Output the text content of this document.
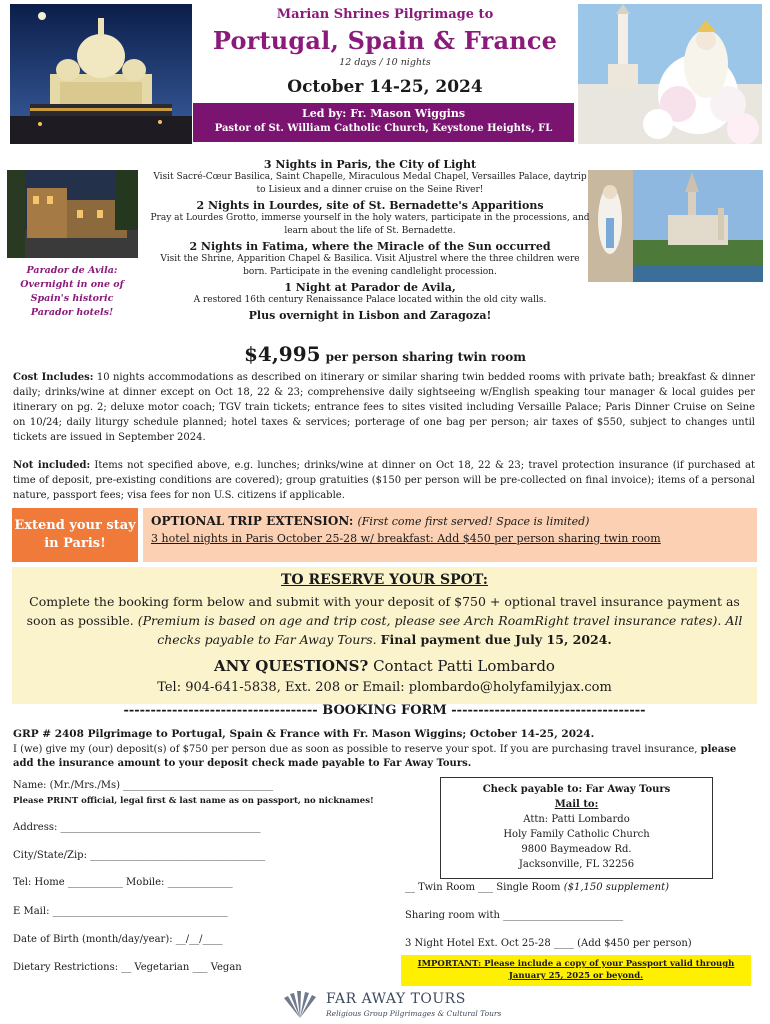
Marian Shrines Pilgrimage to
Portugal, Spain & France
12 days / 10 nights
October 14-25, 2024
Led by: Fr. Mason Wiggins
Pastor of St. William Catholic Church, Keystone Heights, FL
3 Nights in Paris, the City of Light
Visit Sacré-Cœur Basilica, Saint Chapelle, Miraculous Medal Chapel, Versailles Palace, daytrip to Lisieux and a dinner cruise on the Seine River!
2 Nights in Lourdes, site of St. Bernadette's Apparitions
Pray at Lourdes Grotto, immerse yourself in the holy waters, participate in the processions, and learn about the life of St. Bernadette.
2 Nights in Fatima, where the Miracle of the Sun occurred
Visit the Shrine, Apparition Chapel & Basilica. Visit Aljustrel where the three children were born. Participate in the evening candlelight procession.
1 Night at Parador de Avila,
A restored 16th century Renaissance Palace located within the old city walls.
Plus overnight in Lisbon and Zaragoza!
Parador de Avila: Overnight in one of Spain's historic Parador hotels!
$4,995 per person sharing twin room
Cost Includes: 10 nights accommodations as described on itinerary or similar sharing twin bedded rooms with private bath; breakfast & dinner daily; drinks/wine at dinner except on Oct 18, 22 & 23; comprehensive daily sightseeing w/English speaking tour manager & local guides per itinerary on pg. 2; deluxe motor coach; TGV train tickets; entrance fees to sites visited including Versaille Palace; Paris Dinner Cruise on Seine on 10/24; daily liturgy schedule planned; hotel taxes & services; porterage of one bag per person; air taxes of $550, subject to changes until tickets are issued in September 2024.
Not included: Items not specified above, e.g. lunches; drinks/wine at dinner on Oct 18, 22 & 23; travel protection insurance (if purchased at time of deposit, pre-existing conditions are covered); group gratuities ($150 per person will be pre-collected on final invoice); items of a personal nature, passport fees; visa fees for non U.S. citizens if applicable.
Extend your stay in Paris!
OPTIONAL TRIP EXTENSION: (First come first served! Space is limited)
3 hotel nights in Paris October 25-28 w/ breakfast: Add $450 per person sharing twin room
TO RESERVE YOUR SPOT:
Complete the booking form below and submit with your deposit of $750 + optional travel insurance payment as soon as possible. (Premium is based on age and trip cost, please see Arch RoamRight travel insurance rates). All checks payable to Far Away Tours. Final payment due July 15, 2024.
ANY QUESTIONS? Contact Patti Lombardo
Tel: 904-641-5838, Ext. 208 or Email: plombardo@holyfamilyjax.com
------------------------------------ BOOKING FORM ------------------------------------
GRP # 2408 Pilgrimage to Portugal, Spain & France with Fr. Mason Wiggins; October 14-25, 2024.
I (we) give my (our) deposit(s) of $750 per person due as soon as possible to reserve your spot. If you are purchasing travel insurance, please add the insurance amount to your deposit check made payable to Far Away Tours.
Name: (Mr./Mrs./Ms) ______________________________
Please PRINT official, legal first & last name as on passport, no nicknames!
Address: ________________________________________
City/State/Zip: ___________________________________
Tel: Home ___________ Mobile: _____________
E Mail: ___________________________________
Date of Birth (month/day/year): __/__/____
Dietary Restrictions: __ Vegetarian ___ Vegan
Check payable to: Far Away Tours
Mail to:
Attn: Patti Lombardo
Holy Family Catholic Church
9800 Baymeadow Rd.
Jacksonville, FL 32256
__ Twin Room ___ Single Room ($1,150 supplement)
Sharing room with ________________________
3 Night Hotel Ext. Oct 25-28 ____ (Add $450 per person)
IMPORTANT: Please include a copy of your Passport valid through January 25, 2025 or beyond.
FAR AWAY TOURS
Religious Group Pilgrimages & Cultural Tours
